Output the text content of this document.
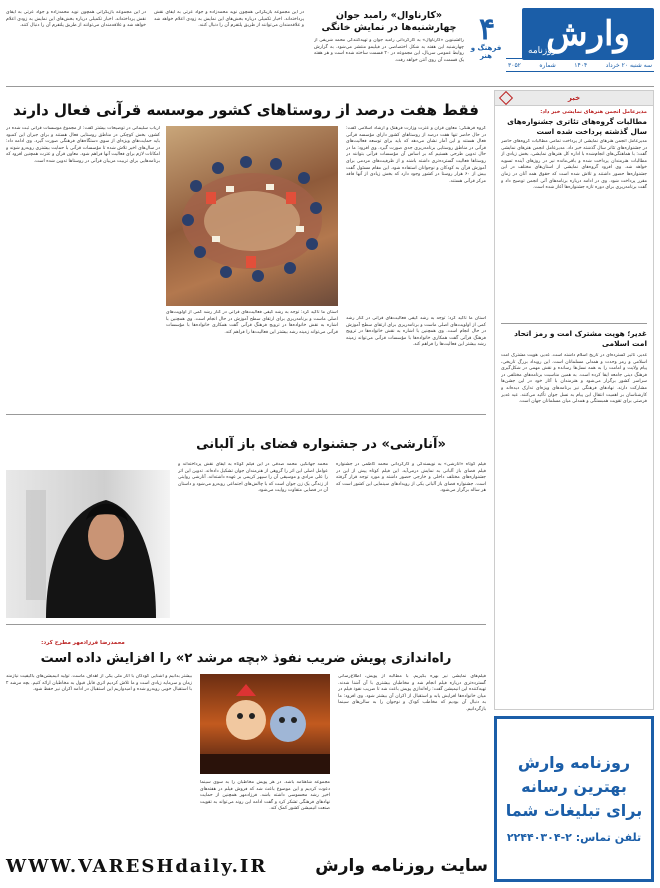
وارش
روزنامه
سه شنبه ۲۰ خرداد
۱۴۰۴
شماره
۳۰۵۲
۴
فرهنگ و هنر
«کارناوال» رامبد جوان چهارشنبه‌ها در نمایش خانگی
رالشبنوین «کارناوال» به کارگردانی رامبد جوان و تهیه‌کنندگی محمد شریفی از چهارشنبه این هفته به شکل اختصاصی در فیلیمو منتشر می‌شود. به گزارش روابط عمومی سریال، این مجموعه در ۲۰ قسمت ساخته شده است و هر هفته یک قسمت آن روی آنتن خواهد رفت.
در این مجموعه بازیگرانی همچون نوید محمدزاده و جواد عزتی به ایفای نقش پرداخته‌اند. اخبار تکمیلی درباره بخش‌های این نمایش به زودی اعلام خواهد شد و علاقه‌مندان می‌توانند از طریق پلتفرم آن را دنبال کنند.
در این مجموعه بازیگرانی همچون نوید محمدزاده و جواد عزتی به ایفای نقش پرداخته‌اند. اخبار تکمیلی درباره بخش‌های این نمایش به زودی اعلام خواهد شد و علاقه‌مندان می‌توانند از طریق پلتفرم آن را دنبال کنند.
خبر
مدیرعامل انجمن هنرهای نمایشی خبر داد:
مطالبات گروه‌های تئاتری جشنواره‌های سال گذشته پرداخت شده است
مدیرعامل انجمن هنرهای نمایشی از پرداخت تمامی مطالبات گروه‌های حاضر در جشنواره‌های تئاتر سال گذشته خبر داد. مدیرعامل انجمن هنرهای نمایشی گفت: با هماهنگی‌های انجام‌شده با اداره کل هنرهای نمایشی، بخش زیادی از مطالبات هنرمندان پرداخت شده و باقی‌مانده نیز در روزهای آینده تسویه خواهد شد. وی افزود گروه‌های نمایشی از استان‌های مختلف در این جشنواره‌ها حضور داشتند و تلاش شده است که حقوق همه آنان در زمان مقرر پرداخت شود. وی در ادامه درباره برنامه‌های آتی انجمن توضیح داد و گفت برنامه‌ریزی برای دوره تازه جشنواره‌ها آغاز شده است.
غدیر؛ هویت مشترک امت و رمز اتحاد امت اسلامی
غدیر، تأثیر گسترده‌ای در تاریخ اسلام داشته است. غدیر، هویت مشترک امت اسلامی و رمز وحدت و همدلی مسلمانان است. این رویداد بزرگ تاریخی، پیام ولایت و امامت را به همه نسل‌ها رسانده و نقش مهمی در شکل‌گیری فرهنگ دینی جامعه ایفا کرده است. به همین مناسبت برنامه‌های مختلفی در سراسر کشور برگزار می‌شود و هنرمندان با آثار خود در این جشن‌ها مشارکت دارند. نهادهای فرهنگی نیز برنامه‌های ویژه‌ای تدارک دیده‌اند و کارشناسان بر اهمیت انتقال این پیام به نسل جوان تأکید می‌کنند. عید غدیر فرصتی برای تقویت همبستگی و همدلی میان مسلمانان جهان است.
فقط هفت درصد از روستاهای کشور موسسه قرآنی فعال دارند
گروه فرهنگی: معاون قرآن و عترت وزارت فرهنگ و ارشاد اسلامی گفت: در حال حاضر تنها هفت درصد از روستاهای کشور دارای مؤسسه قرآنی فعال هستند و این آمار نشان می‌دهد که باید برای توسعه فعالیت‌های قرآنی در مناطق روستایی برنامه‌ریزی جدی صورت گیرد. وی افزود: ما در حال تدوین طرحی هستیم که بر اساس آن مؤسسات قرآنی بتوانند در روستاها فعالیت گسترده‌تری داشته باشند و از ظرفیت‌های مردمی برای آموزش قرآن به کودکان و نوجوانان استفاده شود. این مقام مسئول گفت بیش از ۶۰ هزار روستا در کشور وجود دارد که بخش زیادی از آنها فاقد مرکز قرآنی هستند.
استان ما تاکید کرد: توجه به رشد کیفی فعالیت‌های قرآنی در کنار رشد کمی از اولویت‌های اصلی ماست و برنامه‌ریزی برای ارتقای سطح آموزش در حال انجام است. وی همچنین با اشاره به نقش خانواده‌ها در ترویج فرهنگ قرآنی گفت همکاری خانواده‌ها با مؤسسات قرآنی می‌تواند زمینه رشد بیشتر این فعالیت‌ها را فراهم کند.
ارباب سلیمانی در توضیحات بیشتر گفت: از مجموع موسسات قرآنی ثبت شده در کشور، بخش کوچکی در مناطق روستایی فعال هستند و برای جبران این کمبود باید حمایت‌های ویژه‌ای از سوی دستگاه‌های فرهنگی صورت گیرد. وی ادامه داد: در سال‌های اخیر تلاش شده تا مؤسسات قرآنی با حمایت بیشتری روبه‌رو شوند و امکانات لازم برای فعالیت آنها فراهم شود. معاون قرآن و عترت همچنین افزود که برنامه‌هایی برای تربیت مربیان قرآنی در روستاها تدوین شده است.
استان ما تاکید کرد: توجه به رشد کیفی فعالیت‌های قرآنی در کنار رشد کمی از اولویت‌های اصلی ماست و برنامه‌ریزی برای ارتقای سطح آموزش در حال انجام است. وی همچنین با اشاره به نقش خانواده‌ها در ترویج فرهنگ قرآنی گفت همکاری خانواده‌ها با مؤسسات قرآنی می‌تواند زمینه رشد بیشتر این فعالیت‌ها را فراهم کند.
«آنارشی» در جشنواره فضای باز آلبانی
فیلم کوتاه «آنارشی» به نویسندگی و کارگردانی محمد کاظمی در جشنواره فیلم فضای باز آلبانی به نمایش درمی‌آید. این فیلم کوتاه پیش از این در جشنواره‌های مختلف داخلی و خارجی حضور داشته و مورد توجه قرار گرفته است. جشنواره فضای باز آلبانی یکی از رویدادهای سینمایی این کشور است که هر ساله برگزار می‌شود.
محمد جهانگیر، محمد صدقی در این فیلم کوتاه به ایفای نقش پرداخته‌اند و عوامل اصلی این اثر را گروهی از هنرمندان جوان تشکیل داده‌اند. تدوین این اثر را علی مرادی و موسیقی آن را سپهر کریمی بر عهده داشته‌اند. آنارشی روایتی از زندگی یک زن جوان است که با چالش‌های اجتماعی روبه‌رو می‌شود و داستان آن در فضایی متفاوت روایت می‌شود.
محمدرضا فرزادمهر مطرح کرد:
راه‌اندازی پویش ضریب نفوذ «بچه مرشد ۲» را افزایش داده است
فیلم‌های نمایشی نیز بهره بگیریم. با مطالبه از پویش، اطلاع‌رسانی گسترده‌تری درباره فیلم انجام شد و مخاطبان بیشتری با آن آشنا شدند. تهیه‌کننده این انیمیشن گفت: راه‌اندازی پویش باعث شد تا ضریب نفوذ فیلم در میان خانواده‌ها افزایش یابد و استقبال از اکران آن بیشتر شود. وی افزود: ما به دنبال آن بودیم که مخاطب کودک و نوجوان را به سالن‌های سینما بازگردانیم.
مجموعه شاهنامه باشد. در هر پویش مخاطبان را به سوی سینما دعوت کردیم و این موضوع باعث شد که فروش فیلم در هفته‌های اخیر رشد محسوسی داشته باشد. فرزادمهر همچنین از حمایت نهادهای فرهنگی تشکر کرد و گفت ادامه این روند می‌تواند به تقویت صنعت انیمیشن کشور کمک کند.
بیشتر بدانیم و آشنایی کودکان با آثار ملی یکی از اهداف ماست. تولید انیمیشن‌های باکیفیت نیازمند زمان و سرمایه زیادی است و ما تلاش کردیم اثری قابل قبول به مخاطبان ارائه کنیم. بچه مرشد ۲ با استقبال خوبی روبه‌رو شده و امیدواریم این استقبال در ادامه اکران نیز حفظ شود.
روزنامه وارش
بهترین رسانه
برای تبلیغات شما
تلفن تماس: ۲-۲۲۴۴۰۳۰۴
سایت روزنامه وارش
WWW.VARESHdaily.IR
